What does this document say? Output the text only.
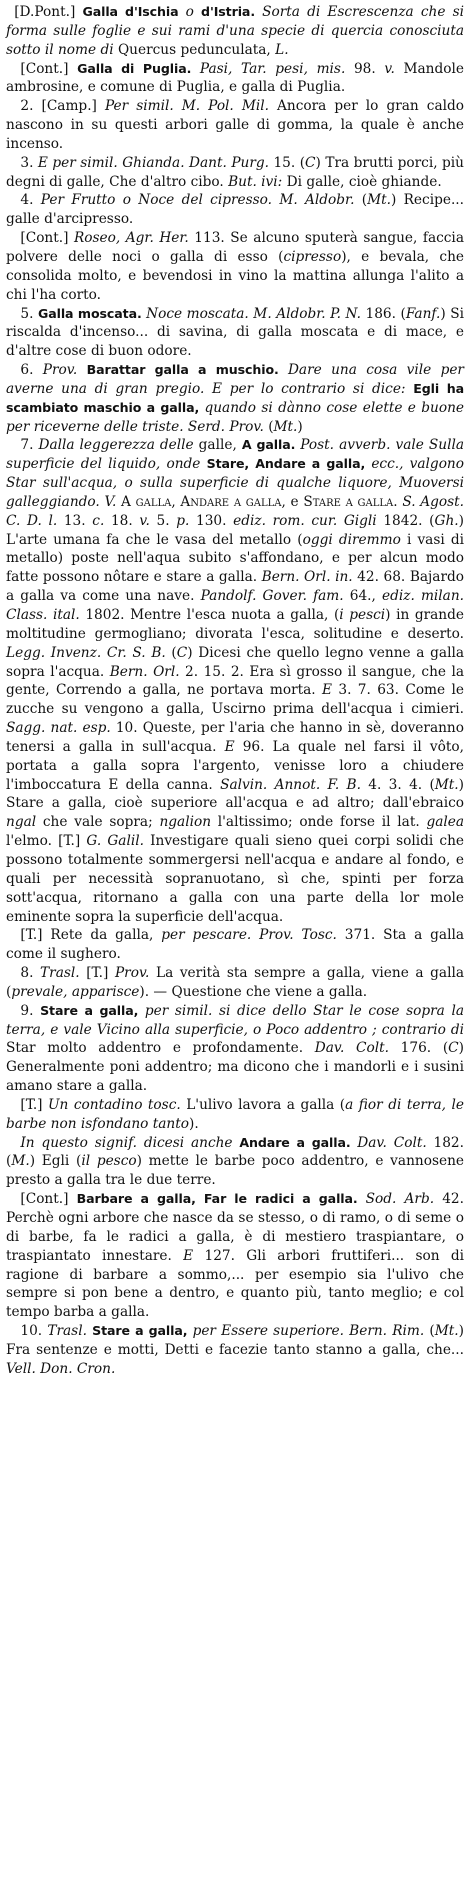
[D.Pont.] Galla d'Ischia o d'Istria. Sorta di Escrescenza che si forma sulle foglie e sui rami d'una specie di quercia conosciuta sotto il nome di Quercus pedunculata, L.

[Cont.] Galla di Puglia. Pasi, Tar. pesi, mis. 98. v. Mandole ambrosine, e comune di Puglia, e galla di Puglia.

2. [Camp.] Per simil. M. Pol. Mil. Ancora per lo gran caldo nascono in su questi arbori galle di gomma, la quale è anche incenso.

3. E per simil. Ghianda. Dant. Purg. 15. (C) Tra brutti porci, più degni di galle, Che d'altro cibo. But. ivi: Di galle, cioè ghiande.

4. Per Frutto o Noce del cipresso. M. Aldobr. (Mt.) Recipe... galle d'arcipresso.

[Cont.] Roseo, Agr. Her. 113. Se alcuno sputerà sangue, faccia polvere delle noci o galla di esso (cipresso), e bevala, che consolida molto, e bevendosi in vino la mattina allunga l'alito a chi l'ha corto.

5. Galla moscata. Noce moscata. M. Aldobr. P. N. 186. (Fanf.) Si riscalda d'incenso... di savina, di galla moscata e di mace, e d'altre cose di buon odore.

6. Prov. Barattar galla a muschio. Dare una cosa vile per averne una di gran pregio. E per lo contrario si dice: Egli ha scambiato maschio a galla, quando si dànno cose elette e buone per riceverne delle triste. Serd. Prov. (Mt.)

7. Dalla leggerezza delle galle, A galla. Post. avverb. vale Sulla superficie del liquido, onde Stare, Andare a galla, ecc., valgono Star sull'acqua, o sulla superficie di qualche liquore, Muoversi galleggiando. V. A galla, Andare a galla, e Stare a galla. S. Agost. C. D. l. 13. c. 18. v. 5. p. 130. ediz. rom. cur. Gigli 1842. (Gh.) L'arte umana fa che le vasa del metallo (oggi diremmo i vasi di metallo) poste nell'aqua subito s'affondano, e per alcun modo fatte possono nôtare e stare a galla. Bern. Orl. in. 42. 68. Bajardo a galla va come una nave. Pandolf. Gover. fam. 64., ediz. milan. Class. ital. 1802. Mentre l'esca nuota a galla, (i pesci) in grande moltitudine germogliano; divorata l'esca, solitudine e deserto. Legg. Invenz. Cr. S. B. (C) Dicesi che quello legno venne a galla sopra l'acqua. Bern. Orl. 2. 15. 2. Era sì grosso il sangue, che la gente, Correndo a galla, ne portava morta. E 3. 7. 63. Come le zucche su vengono a galla, Uscirno prima dell'acqua i cimieri. Sagg. nat. esp. 10. Queste, per l'aria che hanno in sè, doveranno tenersi a galla in sull'acqua. E 96. La quale nel farsi il vôto, portata a galla sopra l'argento, venisse loro a chiudere l'imboccatura E della canna. Salvin. Annot. F. B. 4. 3. 4. (Mt.) Stare a galla, cioè superiore all'acqua e ad altro; dall'ebraico ngal che vale sopra; ngalion l'altissimo; onde forse il lat. galea l'elmo. [T.] G. Galil. Investigare quali sieno quei corpi solidi che possono totalmente sommergersi nell'acqua e andare al fondo, e quali per necessità sopranuotano, sì che, spinti per forza sott'acqua, ritornano a galla con una parte della lor mole eminente sopra la superficie dell'acqua.

[T.] Rete da galla, per pescare. Prov. Tosc. 371. Sta a galla come il sughero.

8. Trasl. [T.] Prov. La verità sta sempre a galla, viene a galla (prevale, apparisce). — Questione che viene a galla.

9. Stare a galla, per simil. si dice dello Star le cose sopra la terra, e vale Vicino alla superficie, o Poco addentro ; contrario di Star molto addentro e profondamente. Dav. Colt. 176. (C) Generalmente poni addentro; ma dicono che i mandorli e i susini amano stare a galla.

[T.] Un contadino tosc. L'ulivo lavora a galla (a fior di terra, le barbe non isfondano tanto).

In questo signif. dicesi anche Andare a galla. Dav. Colt. 182. (M.) Egli (il pesco) mette le barbe poco addentro, e vannosene presto a galla tra le due terre.

[Cont.] Barbare a galla, Far le radici a galla. Sod. Arb. 42. Perchè ogni arbore che nasce da se stesso, o di ramo, o di seme o di barbe, fa le radici a galla, è di mestiero traspiantare, o traspiantato innestare. E 127. Gli arbori fruttiferi... son di ragione di barbare a sommo,... per esempio sia l'ulivo che sempre si pon bene a dentro, e quanto più, tanto meglio; e col tempo barba a galla.

10. Trasl. Stare a galla, per Essere superiore. Bern. Rim. (Mt.) Fra sentenze e motti, Detti e facezie tanto stanno a galla, che... Vell. Don. Cron.
